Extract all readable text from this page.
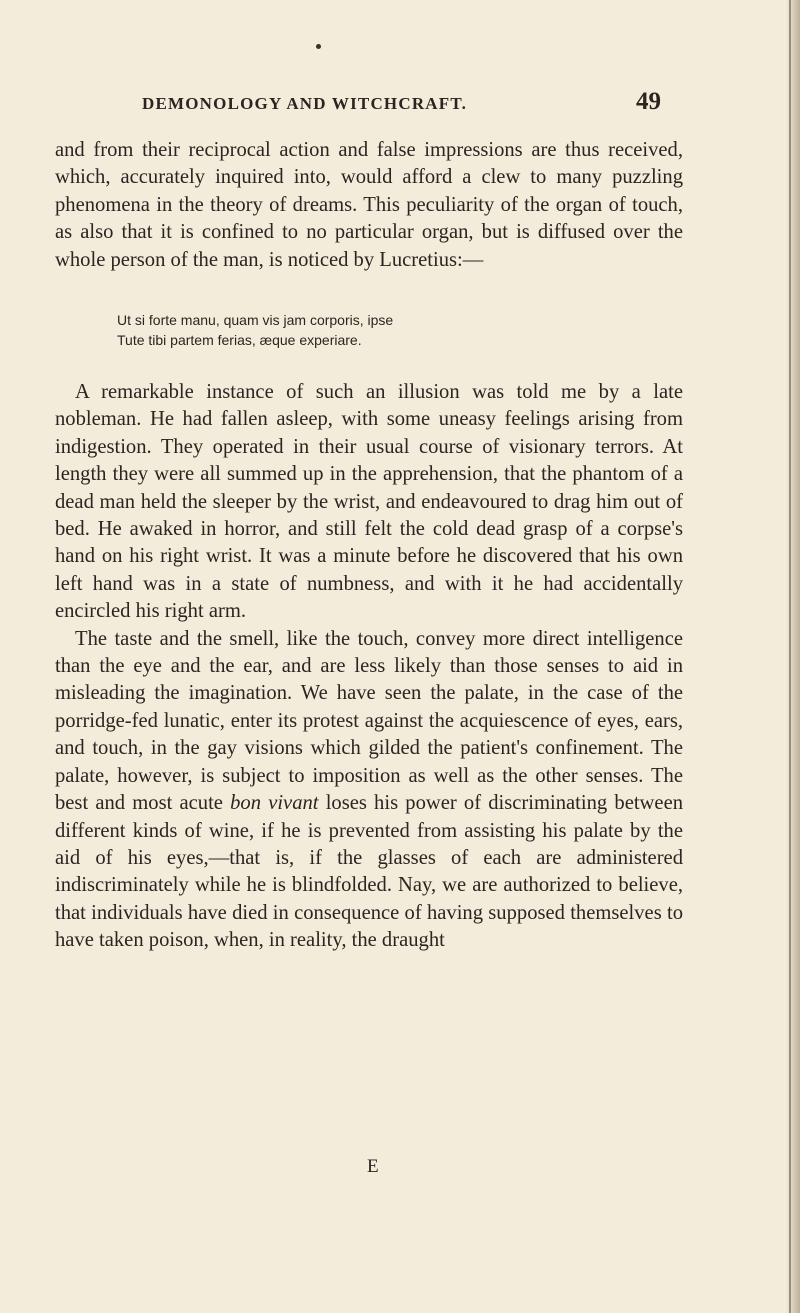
DEMONOLOGY AND WITCHCRAFT.	49

and from their reciprocal action and false impressions are thus received, which, accurately inquired into, would afford a clew to many puzzling phenomena in the theory of dreams. This peculiarity of the organ of touch, as also that it is confined to no particular organ, but is diffused over the whole person of the man, is noticed by Lucretius:—

Ut si forte manu, quam vis jam corporis, ipse
Tute tibi partem ferias, æque experiare.

A remarkable instance of such an illusion was told me by a late nobleman. He had fallen asleep, with some uneasy feelings arising from indigestion. They operated in their usual course of visionary terrors. At length they were all summed up in the apprehension, that the phantom of a dead man held the sleeper by the wrist, and endeavoured to drag him out of bed. He awaked in horror, and still felt the cold dead grasp of a corpse's hand on his right wrist. It was a minute before he discovered that his own left hand was in a state of numbness, and with it he had accidentally encircled his right arm.

The taste and the smell, like the touch, convey more direct intelligence than the eye and the ear, and are less likely than those senses to aid in misleading the imagination. We have seen the palate, in the case of the porridge-fed lunatic, enter its protest against the acquiescence of eyes, ears, and touch, in the gay visions which gilded the patient's confinement. The palate, however, is subject to imposition as well as the other senses. The best and most acute bon vivant loses his power of discriminating between different kinds of wine, if he is prevented from assisting his palate by the aid of his eyes,—that is, if the glasses of each are administered indiscriminately while he is blindfolded. Nay, we are authorized to believe, that individuals have died in consequence of having supposed themselves to have taken poison, when, in reality, the draught

E
